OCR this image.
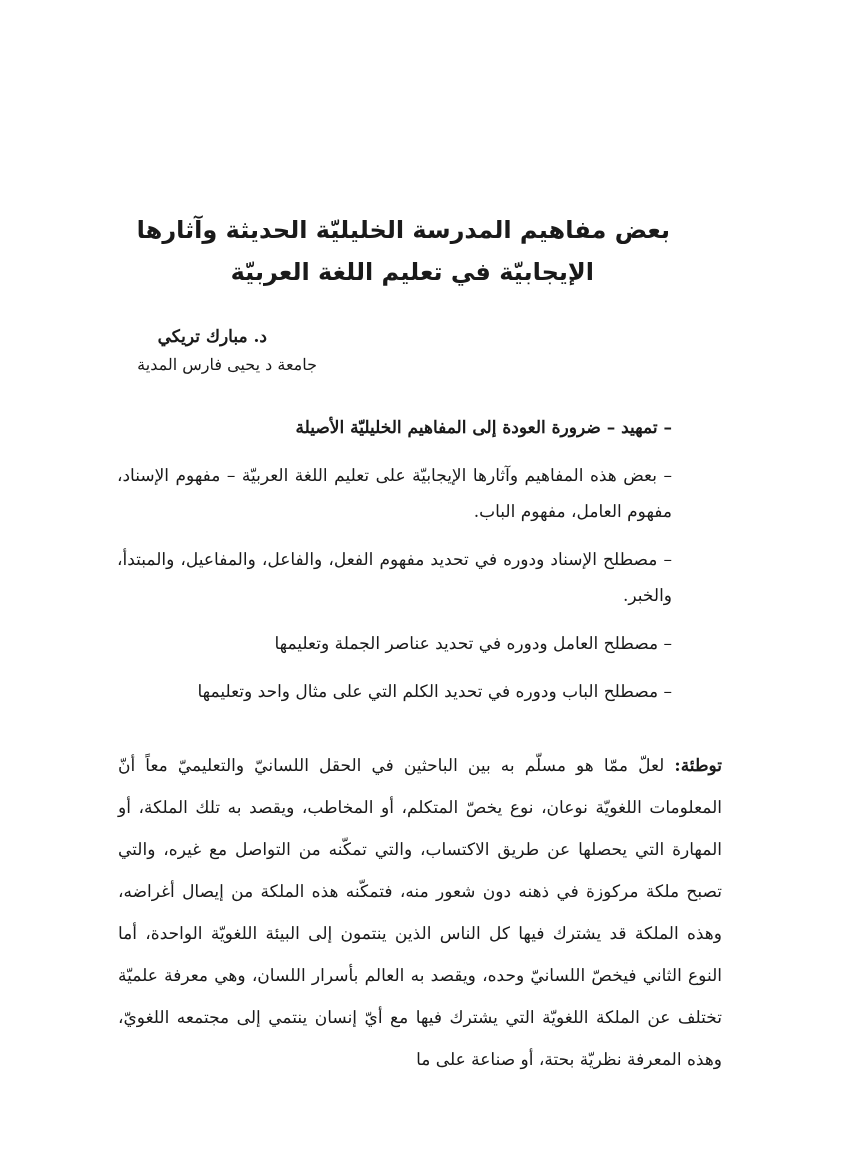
بعض مفاهيم المدرسة الخليليّة الحديثة وآثارها
الإيجابيّة في تعليم اللغة العربيّة
د. مبارك تريكي
جامعة د يحيى فارس المدية
– تمهيد – ضرورة العودة إلى المفاهيم الخليليّة الأصيلة
– بعض هذه المفاهيم وآثارها الإيجابيّة على تعليم اللغة العربيّة – مفهوم الإسناد، مفهوم العامل، مفهوم الباب.
– مصطلح الإسناد ودوره في تحديد مفهوم الفعل، والفاعل، والمفاعيل، والمبتدأ، والخبر.
– مصطلح العامل ودوره في تحديد عناصر الجملة وتعليمها
– مصطلح الباب ودوره في تحديد الكلم التي على مثال واحد وتعليمها

توطئة: لعلّ ممّا هو مسلّم به بين الباحثين في الحقل اللسانيّ والتعليميّ معاً أنّ المعلومات اللغويّة نوعان، نوع يخصّ المتكلم، أو المخاطب، ويقصد به تلك الملكة، أو المهارة التي يحصلها عن طريق الاكتساب، والتي تمكّنه من التواصل مع غيره، والتي تصبح ملكة مركوزة في ذهنه دون شعور منه، فتمكّنه هذه الملكة من إيصال أغراضه، وهذه الملكة قد يشترك فيها كل الناس الذين ينتمون إلى البيئة اللغويّة الواحدة، أما النوع الثاني فيخصّ اللسانيّ وحده، ويقصد به العالم بأسرار اللسان، وهي معرفة علميّة تختلف عن الملكة اللغويّة التي يشترك فيها مع أيّ إنسان ينتمي إلى مجتمعه اللغويّ، وهذه المعرفة نظريّة بحتة، أو صناعة على ما
